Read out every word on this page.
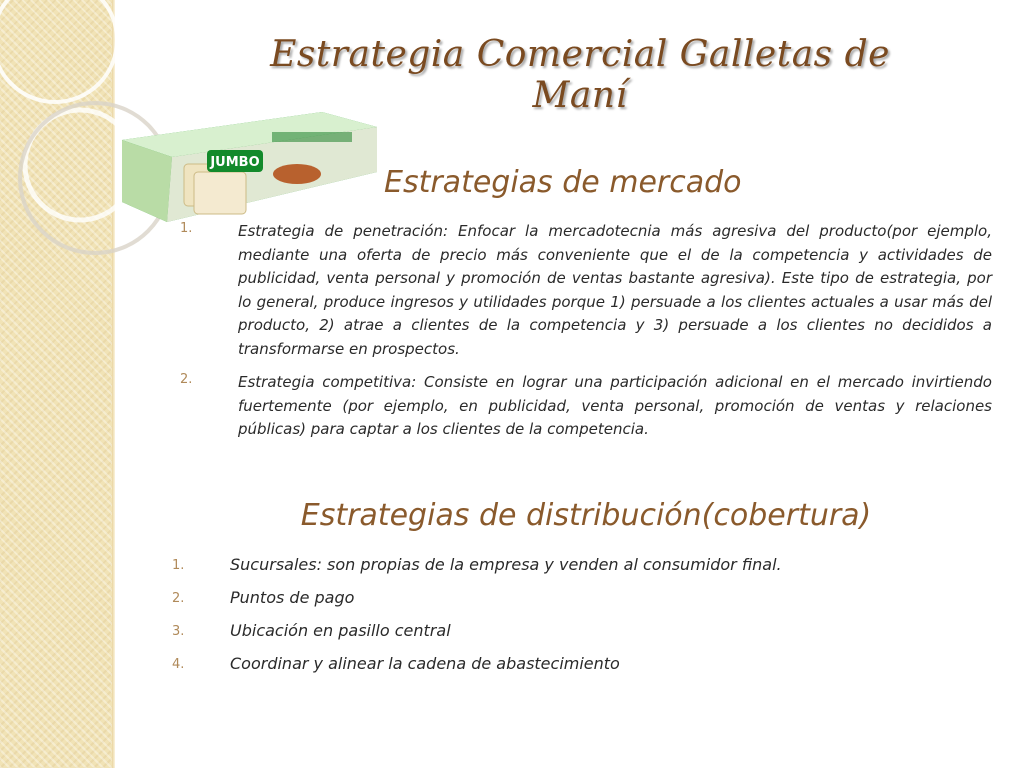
Estrategia Comercial Galletas de Maní
JUMBO
Estrategias de mercado
1.	Estrategia de penetración: Enfocar la mercadotecnia más agresiva del producto(por ejemplo, mediante una oferta de precio más conveniente que el de la competencia y actividades de publicidad, venta personal y promoción de ventas bastante agresiva). Este tipo de estrategia, por lo general, produce ingresos y utilidades porque 1) persuade a los clientes actuales a usar más del producto, 2) atrae a clientes de la competencia y 3) persuade a los clientes no decididos a transformarse en prospectos.
2.	Estrategia competitiva: Consiste en lograr una participación adicional en el mercado invirtiendo fuertemente (por ejemplo, en publicidad, venta personal, promoción de ventas y relaciones públicas) para captar a los clientes de la competencia.
Estrategias de distribución(cobertura)
1.	Sucursales: son propias de la empresa y venden al consumidor final.
2.	Puntos de pago
3.	Ubicación en pasillo central
4.	Coordinar y alinear la cadena de abastecimiento
